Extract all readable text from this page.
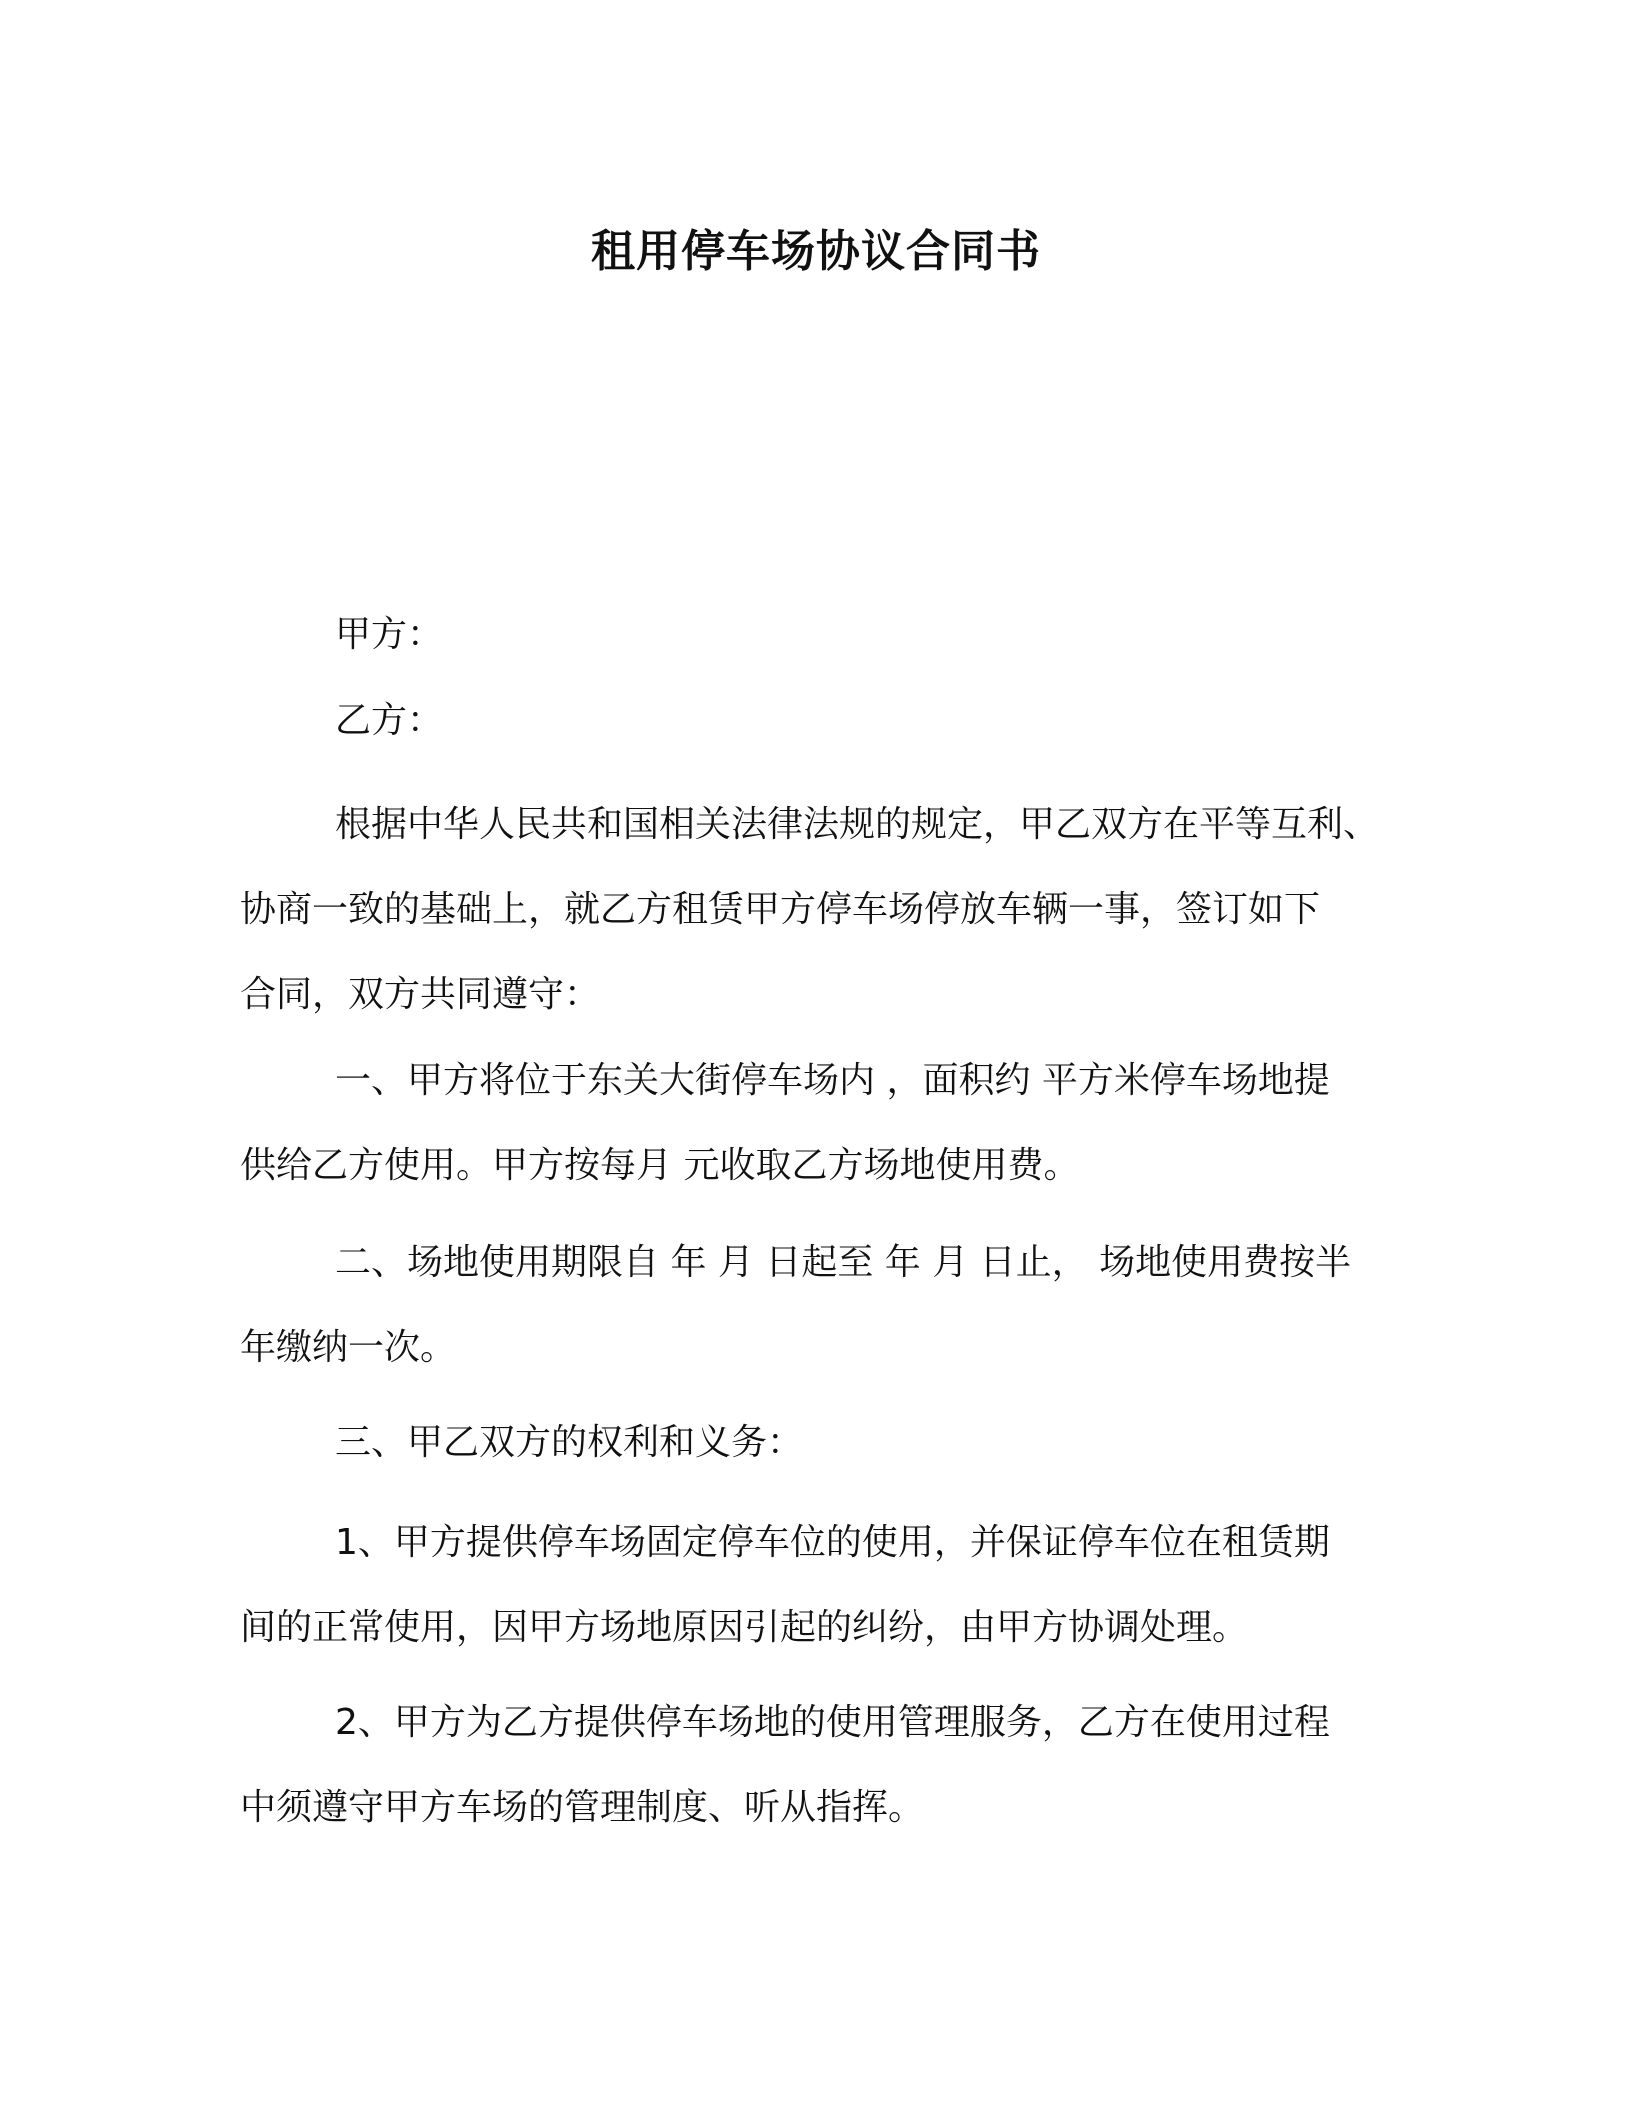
租用停车场协议合同书
甲方：
乙方：
根据中华人民共和国相关法律法规的规定，甲乙双方在平等互利、
协商一致的基础上，就乙方租赁甲方停车场停放车辆一事，签订如下
合同，双方共同遵守：
一、甲方将位于东关大街停车场内 ，面积约 平方米停车场地提
供给乙方使用。甲方按每月 元收取乙方场地使用费。
二、场地使用期限自 年 月 日起至 年 月 日止， 场地使用费按半
年缴纳一次。
三、甲乙双方的权利和义务：
1、甲方提供停车场固定停车位的使用，并保证停车位在租赁期
间的正常使用，因甲方场地原因引起的纠纷，由甲方协调处理。
2、甲方为乙方提供停车场地的使用管理服务，乙方在使用过程
中须遵守甲方车场的管理制度、听从指挥。
